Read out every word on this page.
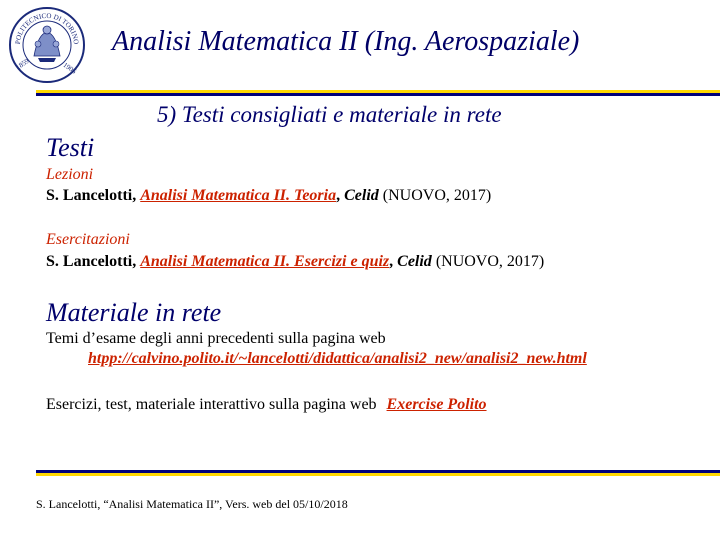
POLITECNICO DI TORINO
1859	1906
Analisi Matematica II (Ing. Aerospaziale)
5) Testi consigliati e materiale in rete
Testi
Lezioni
S. Lancelotti, Analisi Matematica II. Teoria, Celid (NUOVO, 2017)
Esercitazioni
S. Lancelotti, Analisi Matematica II. Esercizi e quiz, Celid (NUOVO, 2017)
Materiale in rete
Temi d’esame degli anni precedenti sulla pagina web
htpp://calvino.polito.it/~lancelotti/didattica/analisi2_new/analisi2_new.html
Esercizi, test, materiale interattivo sulla pagina web Exercise Polito
S. Lancelotti, “Analisi Matematica II”, Vers. web del 05/10/2018
